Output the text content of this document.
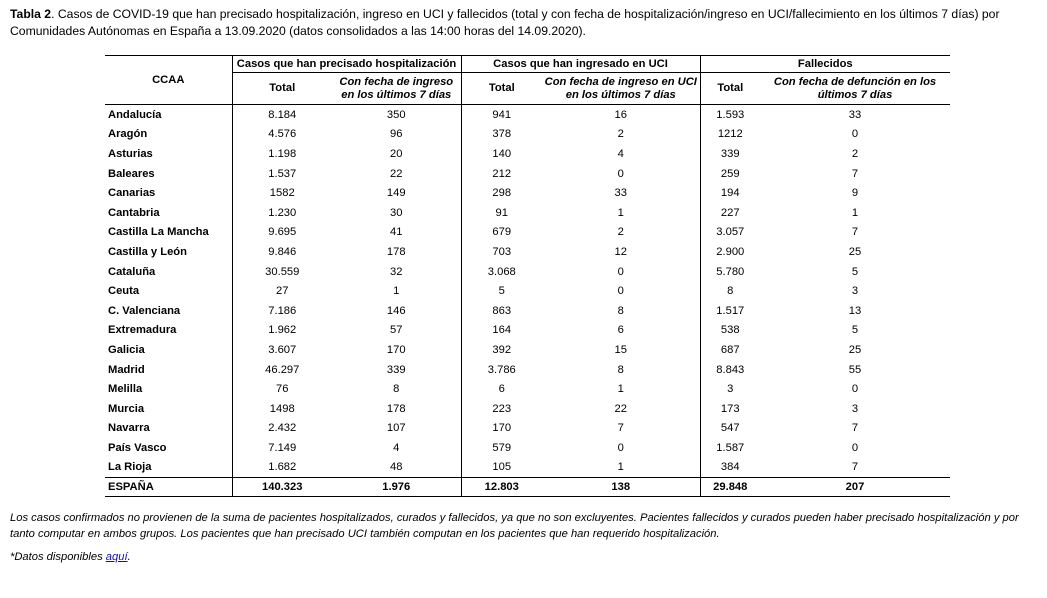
Tabla 2. Casos de COVID-19 que han precisado hospitalización, ingreso en UCI y fallecidos (total y con fecha de hospitalización/ingreso en UCI/fallecimiento en los últimos 7 días) por Comunidades Autónomas en España a 13.09.2020 (datos consolidados a las 14:00 horas del 14.09.2020).
CCAA	Casos que han precisado hospitalización		Casos que han ingresado en UCI		Fallecidos	
	Total	Con fecha de ingreso en los últimos 7 días	Total	Con fecha de ingreso en UCI en los últimos 7 días	Total	Con fecha de defunción en los últimos 7 días
Andalucía	8.184	350	941	16	1.593	33
Aragón	4.576	96	378	2	1212	0
Asturias	1.198	20	140	4	339	2
Baleares	1.537	22	212	0	259	7
Canarias	1582	149	298	33	194	9
Cantabria	1.230	30	91	1	227	1
Castilla La Mancha	9.695	41	679	2	3.057	7
Castilla y León	9.846	178	703	12	2.900	25
Cataluña	30.559	32	3.068	0	5.780	5
Ceuta	27	1	5	0	8	3
C. Valenciana	7.186	146	863	8	1.517	13
Extremadura	1.962	57	164	6	538	5
Galicia	3.607	170	392	15	687	25
Madrid	46.297	339	3.786	8	8.843	55
Melilla	76	8	6	1	3	0
Murcia	1498	178	223	22	173	3
Navarra	2.432	107	170	7	547	7
País Vasco	7.149	4	579	0	1.587	0
La Rioja	1.682	48	105	1	384	7
ESPAÑA	140.323	1.976	12.803	138	29.848	207
Los casos confirmados no provienen de la suma de pacientes hospitalizados, curados y fallecidos, ya que no son excluyentes. Pacientes fallecidos y curados pueden haber precisado hospitalización y por tanto computar en ambos grupos. Los pacientes que han precisado UCI también computan en los pacientes que han requerido hospitalización.
*Datos disponibles aquí.
